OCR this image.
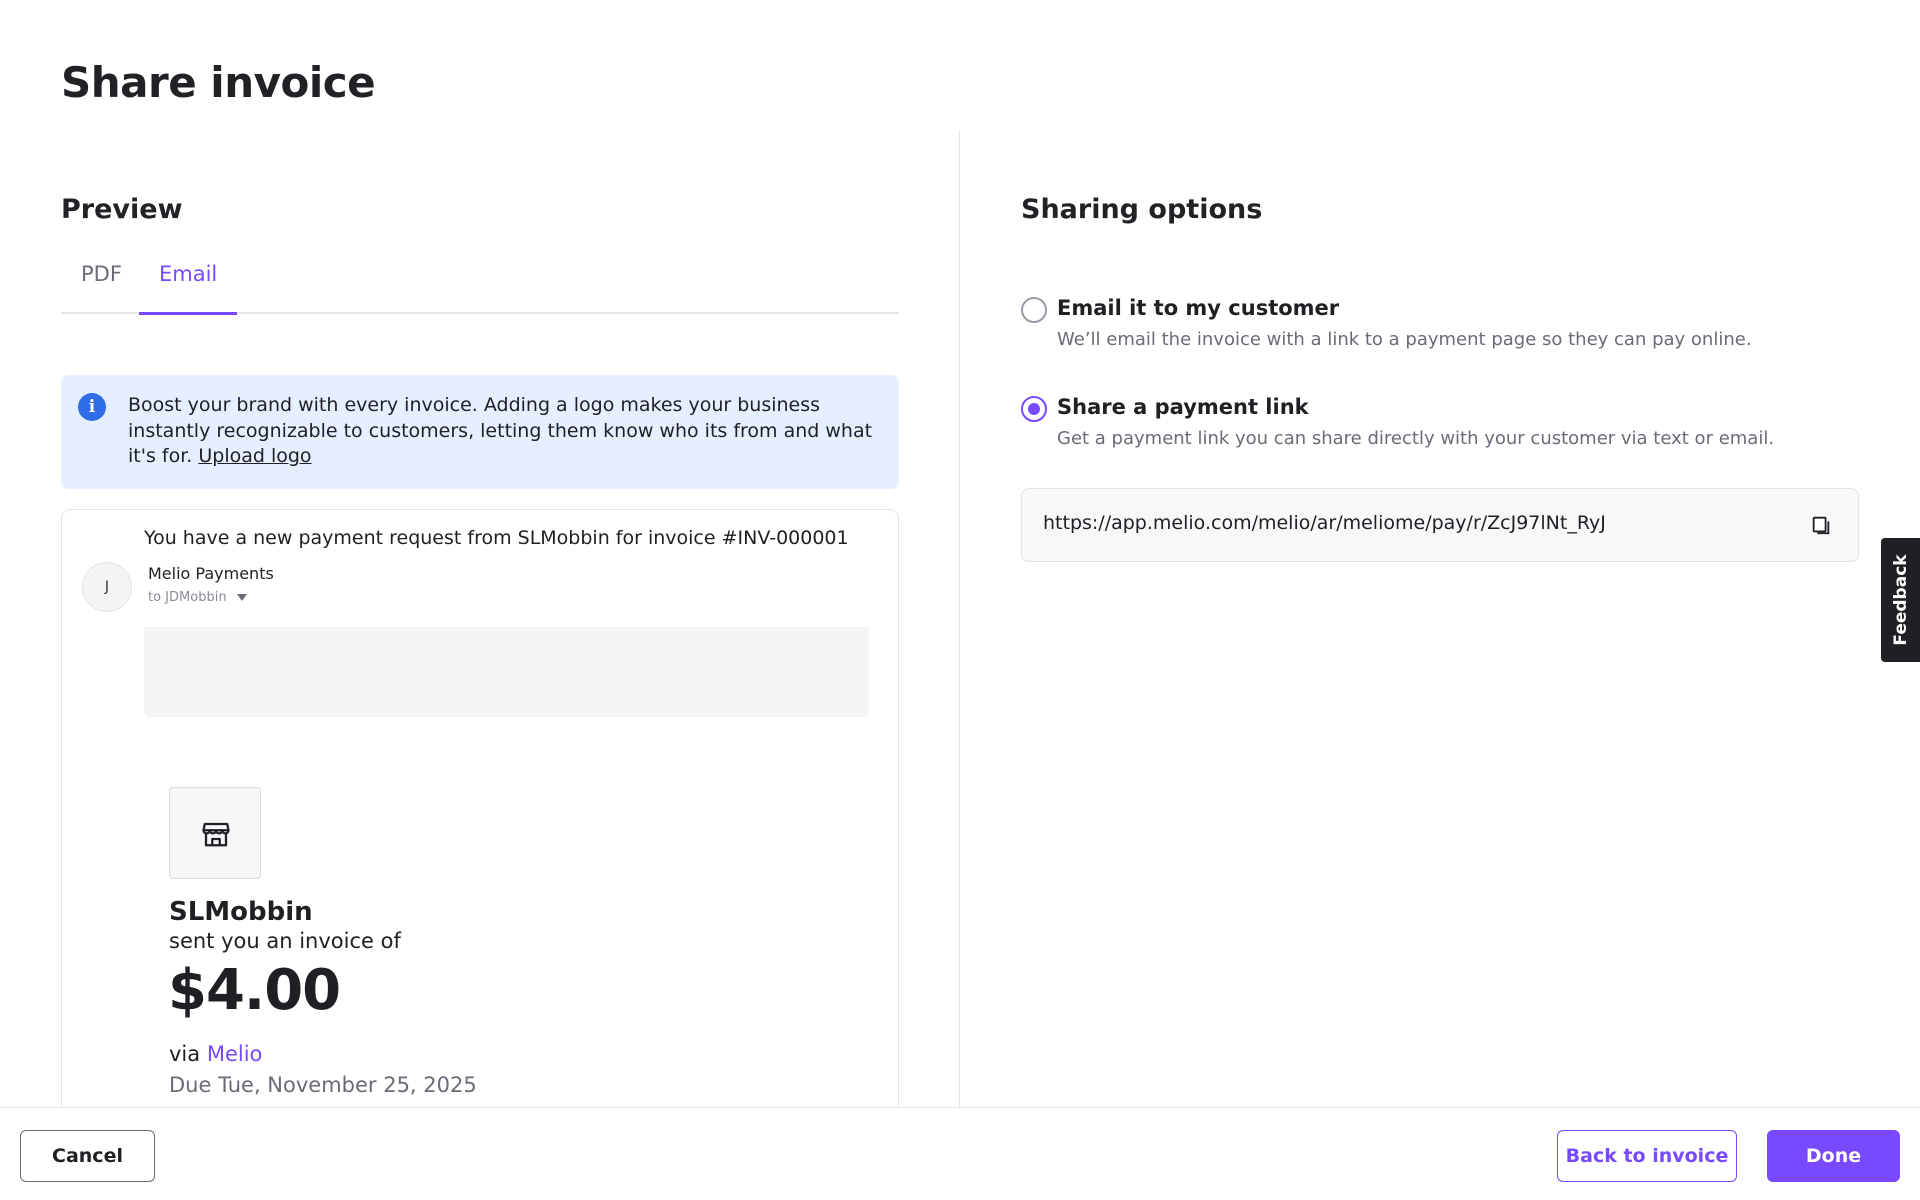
Share invoice
Preview
PDF	Email
i	Boost your brand with every invoice. Adding a logo makes your business instantly recognizable to customers, letting them know who its from and what it's for. Upload logo
You have a new payment request from SLMobbin for invoice #INV-000001
J
Melio Payments
to JDMobbin
SLMobbin
sent you an invoice of
$4.00
via Melio
Due Tue, November 25, 2025
Sharing options
Email it to my customer
We’ll email the invoice with a link to a payment page so they can pay online.
Share a payment link
Get a payment link you can share directly with your customer via text or email.
https://app.melio.com/melio/ar/meliome/pay/r/ZcJ97lNt_RyJ
Feedback
Cancel	Back to invoice	Done
